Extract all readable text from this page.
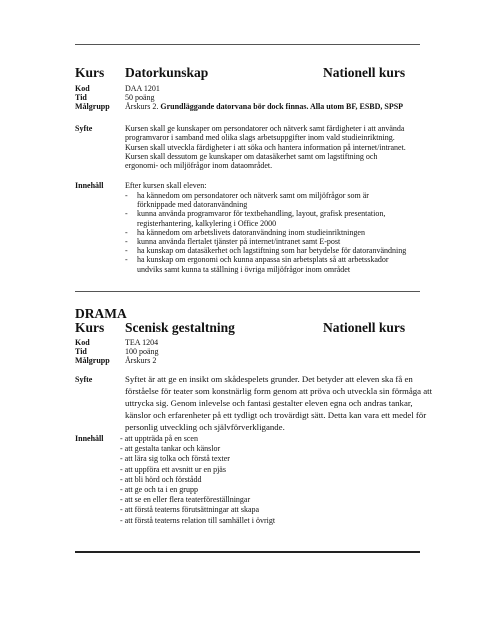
Kurs Datorkunskap	Nationell kurs
Kod	DAA 1201
Tid	50 poäng
Målgrupp Årskurs 2. Grundläggande datorvana bör dock finnas. Alla utom BF, ESBD, SPSP
Syfte	Kursen skall ge kunskaper om persondatorer och nätverk samt färdigheter i att använda
programvaror i samband med olika slags arbetsuppgifter inom vald studieinriktning.
Kursen skall utveckla färdigheter i att söka och hantera information på internet/intranet.
Kursen skall dessutom ge kunskaper om datasäkerhet samt om lagstiftning och
ergonomi- och miljöfrågor inom dataområdet.
Innehåll	Efter kursen skall eleven:
- ha kännedom om persondatorer och nätverk samt om miljöfrågor som är
förknippade med datoranvändning
- kunna använda programvaror för textbehandling, layout, grafisk presentation,
registerhantering, kalkylering i Office 2000
- ha kännedom om arbetslivets datoranvändning inom studieinriktningen
- kunna använda flertalet tjänster på internet/intranet samt E-post
- ha kunskap om datasäkerhet och lagstiftning som har betydelse för datoranvändning
- ha kunskap om ergonomi och kunna anpassa sin arbetsplats så att arbetsskador
undviks samt kunna ta ställning i övriga miljöfrågor inom området
DRAMA
Kurs Scenisk gestaltning	Nationell kurs
Kod	TEA 1204
Tid	100 poäng
Målgrupp Årskurs 2
Syfte	Syftet är att ge en insikt om skådespelets grunder. Det betyder att eleven ska få en
förståelse för teater som konstnärlig form genom att pröva och utveckla sin förmåga att
uttrycka sig. Genom inlevelse och fantasi gestalter eleven egna och andras tankar,
känslor och erfarenheter på ett tydligt och trovärdigt sätt. Detta kan vara ett medel för
personlig utveckling och självförverkligande.
Innehåll - att uppträda på en scen
- att gestalta tankar och känslor
- att lära sig tolka och förstå texter
- att uppföra ett avsnitt ur en pjäs
- att bli hörd och förstådd
- att ge och ta i en grupp
- att se en eller flera teaterföreställningar
- att förstå teaterns förutsättningar att skapa
- att förstå teaterns relation till samhället i övrigt
